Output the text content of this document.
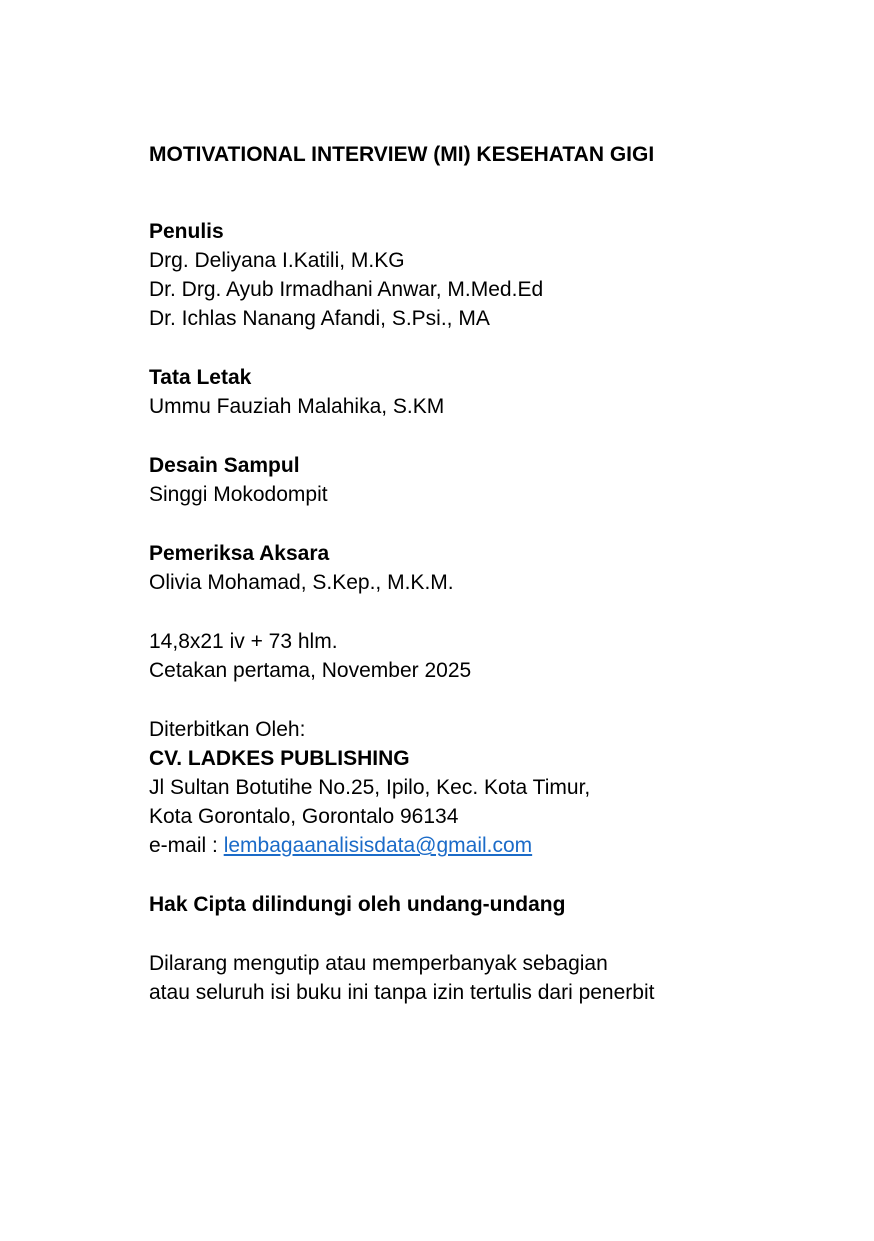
MOTIVATIONAL INTERVIEW (MI) KESEHATAN GIGI
Penulis
Drg. Deliyana I.Katili, M.KG
Dr. Drg. Ayub Irmadhani Anwar, M.Med.Ed
Dr. Ichlas Nanang Afandi, S.Psi., MA
Tata Letak
Ummu Fauziah Malahika, S.KM
Desain Sampul
Singgi Mokodompit
Pemeriksa Aksara
Olivia Mohamad, S.Kep., M.K.M.
14,8x21 iv + 73 hlm.
Cetakan pertama, November 2025
Diterbitkan Oleh:
CV. LADKES PUBLISHING
Jl Sultan Botutihe No.25, Ipilo, Kec. Kota Timur,
Kota Gorontalo, Gorontalo 96134
e-mail : lembagaanalisisdata@gmail.com
Hak Cipta dilindungi oleh undang-undang
Dilarang mengutip atau memperbanyak sebagian
atau seluruh isi buku ini tanpa izin tertulis dari penerbit
